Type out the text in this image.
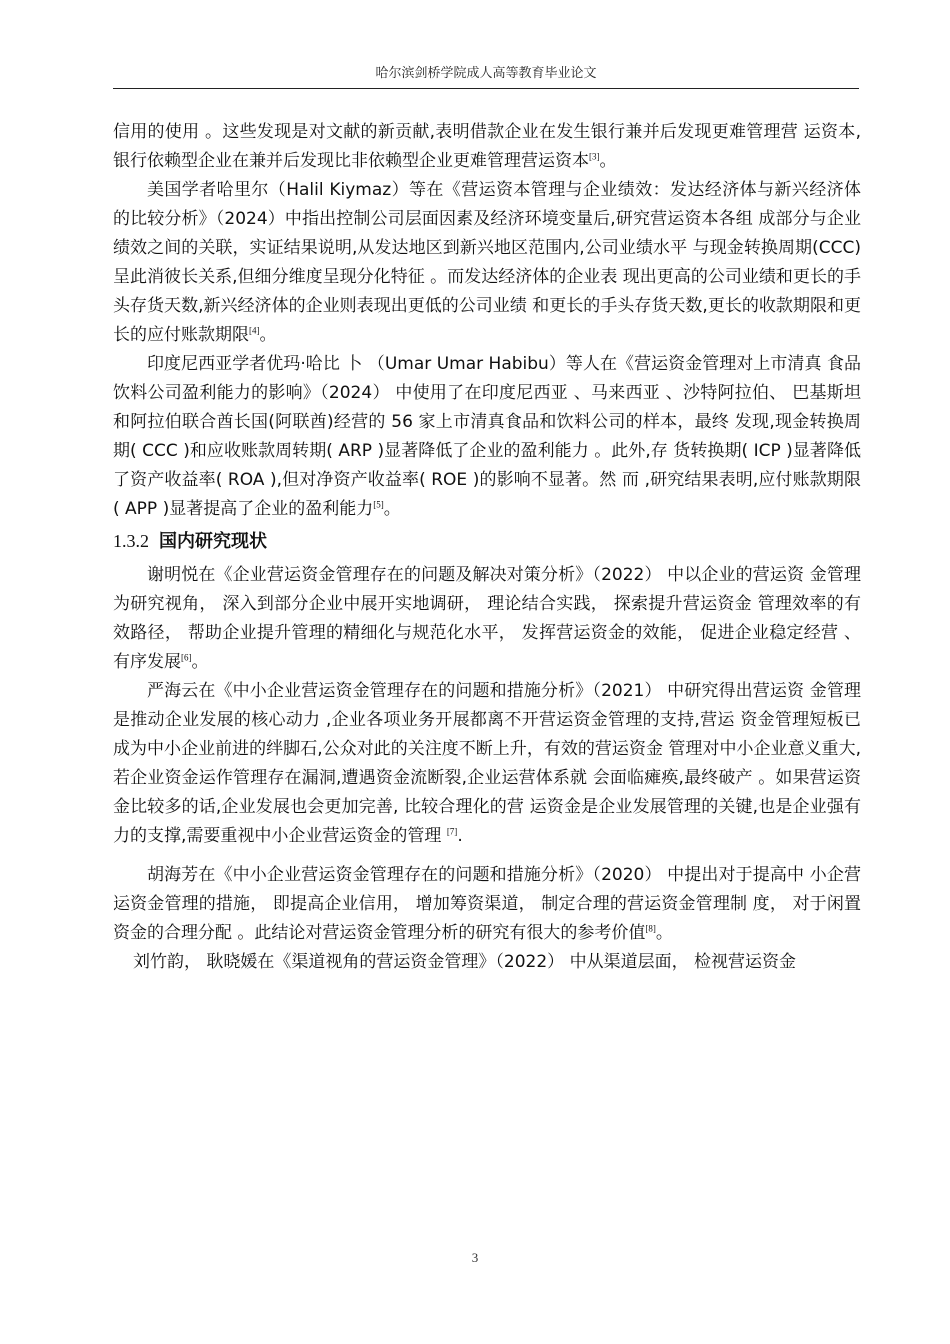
哈尔滨剑桥学院成人高等教育毕业论文

信用的使用 。这些发现是对文献的新贡献,表明借款企业在发生银行兼并后发现更难管理营 运资本,银行依赖型企业在兼并后发现比非依赖型企业更难管理营运资本[3]。

美国学者哈里尔（Halil Kiymaz）等在《营运资本管理与企业绩效：发达经济体与新兴经济体的比较分析》（2024）中指出控制公司层面因素及经济环境变量后,研究营运资本各组 成部分与企业绩效之间的关联，实证结果说明,从发达地区到新兴地区范围内,公司业绩水平 与现金转换周期(CCC)呈此消彼长关系,但细分维度呈现分化特征 。而发达经济体的企业表 现出更高的公司业绩和更长的手头存货天数,新兴经济体的企业则表现出更低的公司业绩 和更长的手头存货天数,更长的收款期限和更长的应付账款期限[4]。

印度尼西亚学者优玛·哈比 卜 （Umar Umar Habibu）等人在《营运资金管理对上市清真 食品饮料公司盈利能力的影响》（2024） 中使用了在印度尼西亚 、马来西亚 、沙特阿拉伯、 巴基斯坦和阿拉伯联合酋长国(阿联酋)经营的 56 家上市清真食品和饮料公司的样本，最终 发现,现金转换周期( CCC )和应收账款周转期( ARP )显著降低了企业的盈利能力 。此外,存 货转换期( ICP )显著降低了资产收益率( ROA ),但对净资产收益率( ROE )的影响不显著。然 而 ,研究结果表明,应付账款期限( APP )显著提高了企业的盈利能力[5]。

1.3.2 国内研究现状

谢明悦在《企业营运资金管理存在的问题及解决对策分析》（2022） 中以企业的营运资 金管理为研究视角， 深入到部分企业中展开实地调研， 理论结合实践， 探索提升营运资金 管理效率的有效路径， 帮助企业提升管理的精细化与规范化水平， 发挥营运资金的效能， 促进企业稳定经营 、有序发展[6]。

严海云在《中小企业营运资金管理存在的问题和措施分析》（2021） 中研究得出营运资 金管理是推动企业发展的核心动力 ,企业各项业务开展都离不开营运资金管理的支持,营运 资金管理短板已成为中小企业前进的绊脚石,公众对此的关注度不断上升，有效的营运资金 管理对中小企业意义重大,若企业资金运作管理存在漏洞,遭遇资金流断裂,企业运营体系就 会面临瘫痪,最终破产 。如果营运资金比较多的话,企业发展也会更加完善, 比较合理化的营 运资金是企业发展管理的关键,也是企业强有力的支撑,需要重视中小企业营运资金的管理 [7].

胡海芳在《中小企业营运资金管理存在的问题和措施分析》（2020） 中提出对于提高中 小企营运资金管理的措施， 即提高企业信用， 增加筹资渠道， 制定合理的营运资金管理制 度， 对于闲置资金的合理分配 。此结论对营运资金管理分析的研究有很大的参考价值[8]。

刘竹韵， 耿晓媛在《渠道视角的营运资金管理》（2022） 中从渠道层面， 检视营运资金

3
